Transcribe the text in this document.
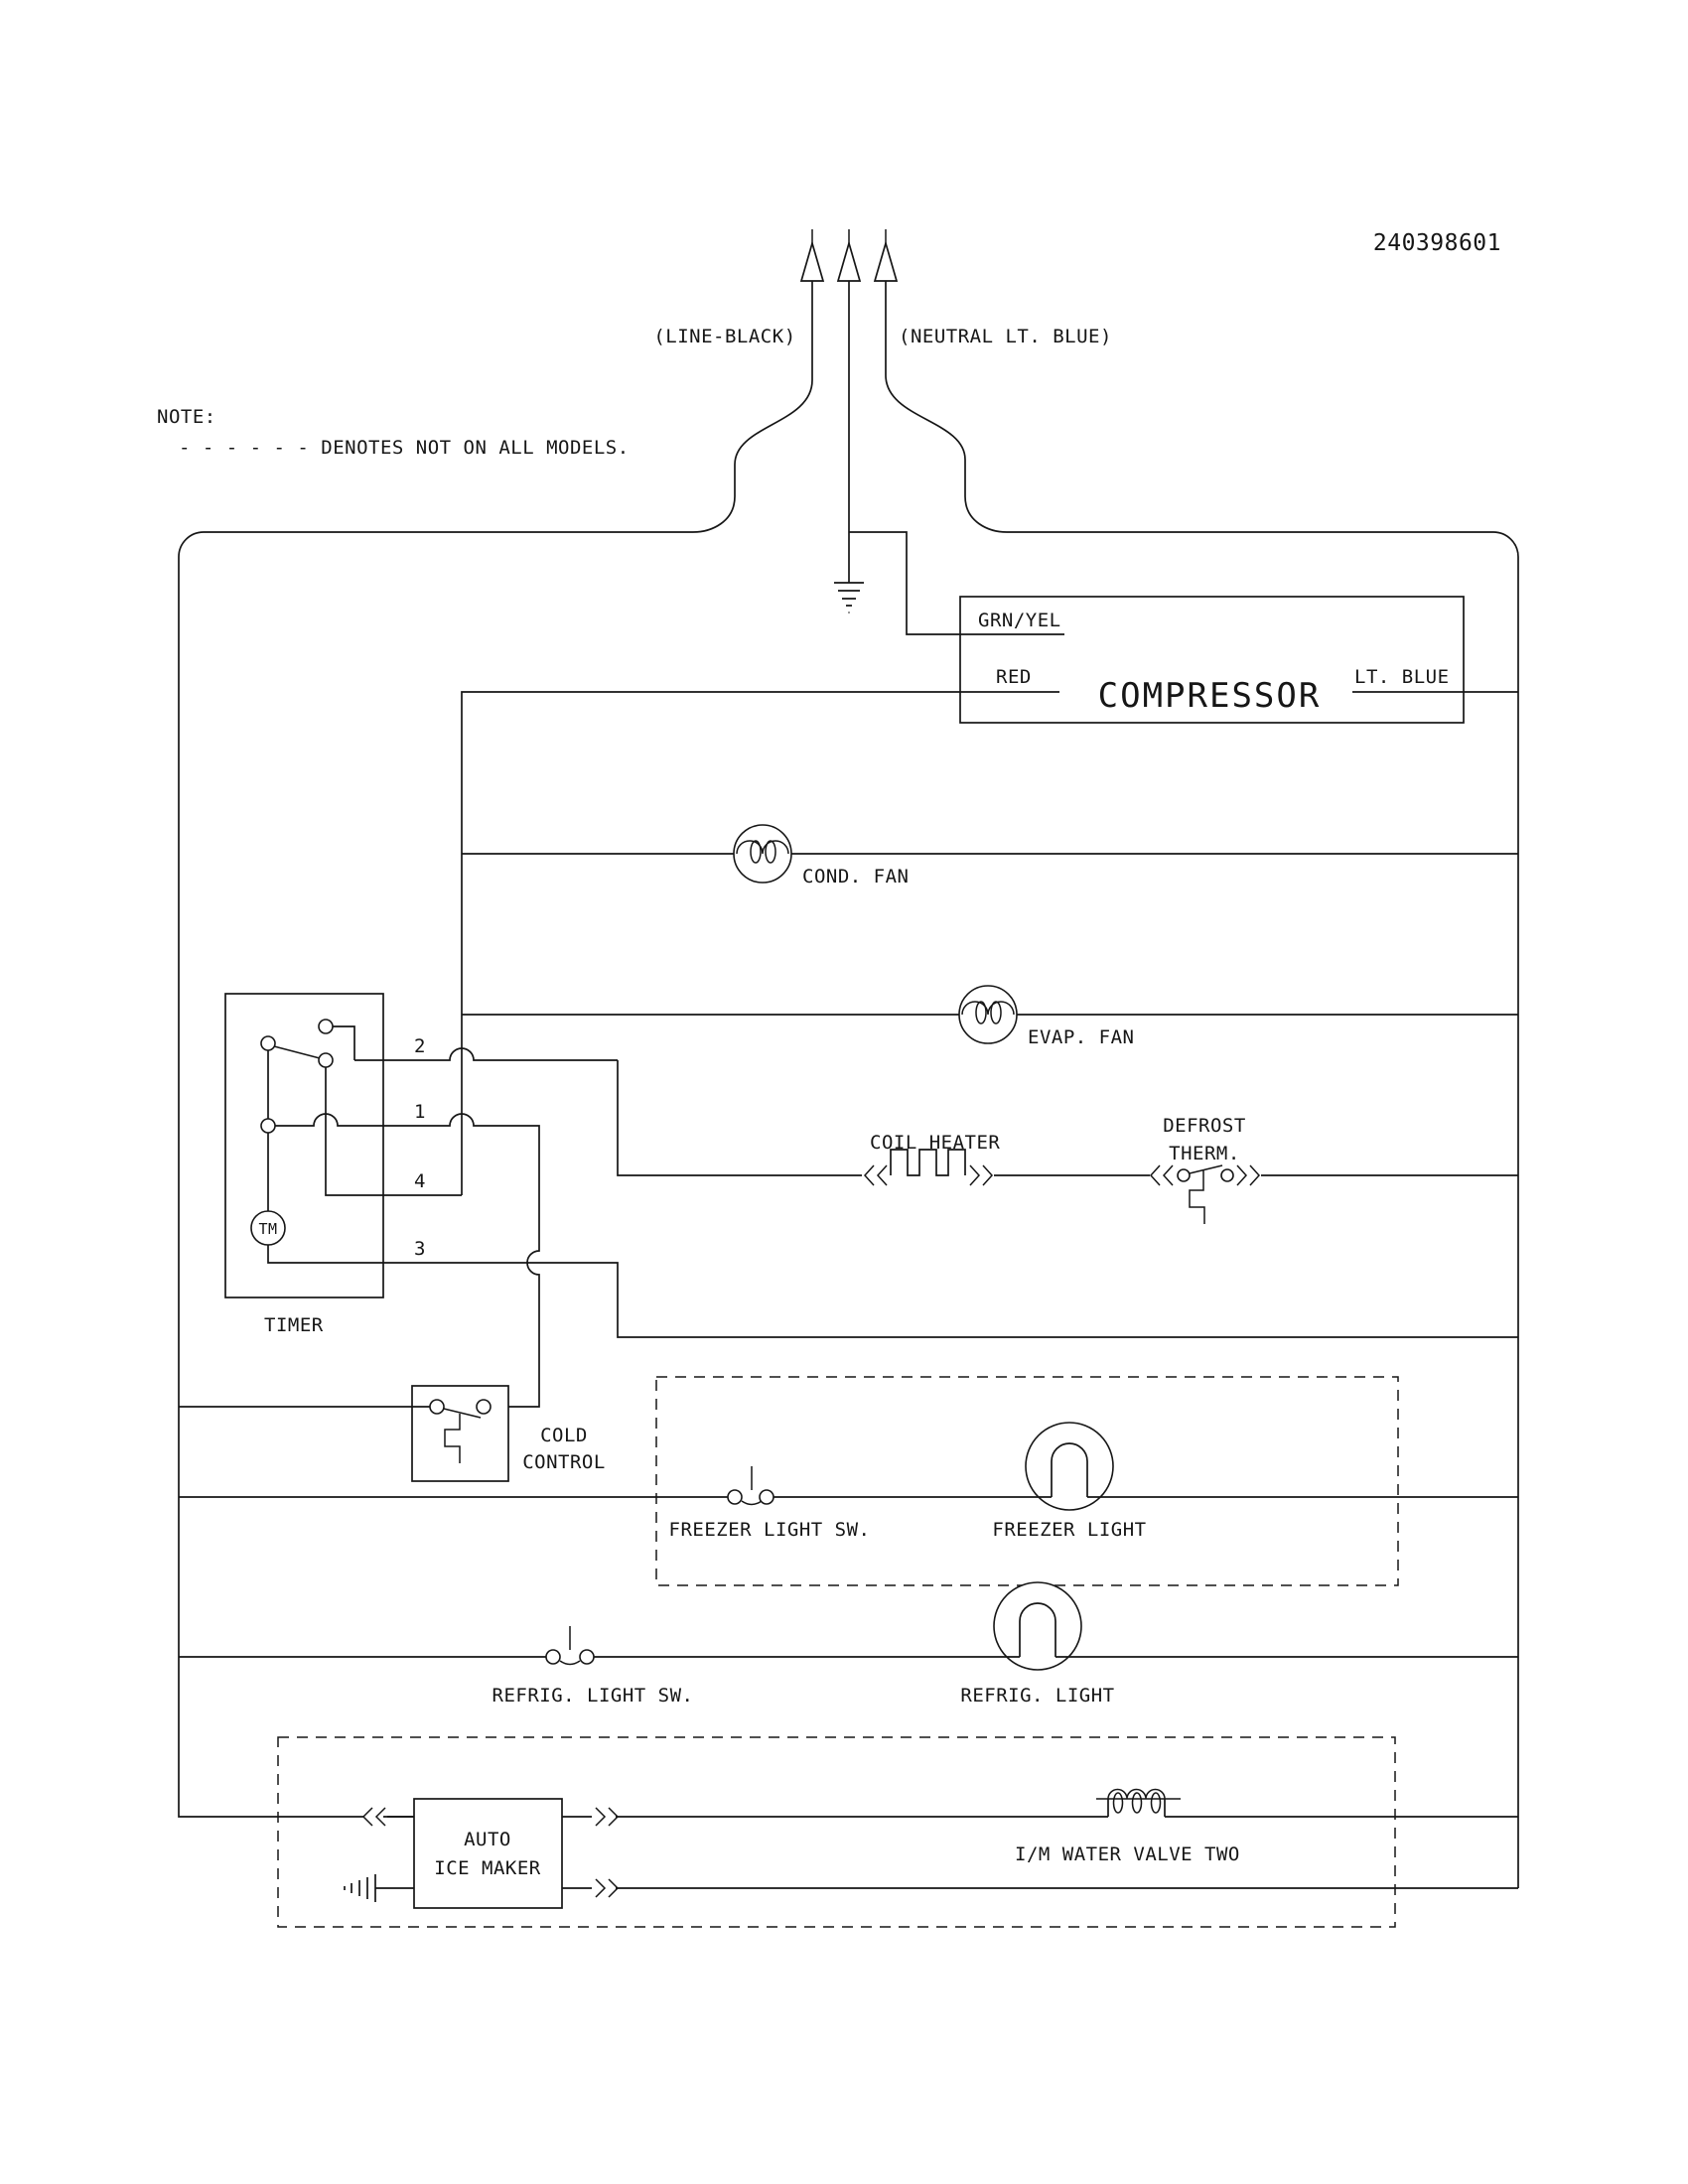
GRN/YEL
RED	LT. BLUE
COMPRESSOR
COND. FAN
EVAP. FAN
TM
2
1
4
3
TIMER
COIL HEATER
DEFROST
THERM.
COLD
CONTROL
FREEZER LIGHT SW.	FREEZER LIGHT
REFRIG. LIGHT SW.	REFRIG. LIGHT
AUTO
ICE MAKER
I/M WATER VALVE TWO
240398601
(LINE-BLACK)	(NEUTRAL LT. BLUE)
NOTE:
- - - - - - DENOTES NOT ON ALL MODELS.
